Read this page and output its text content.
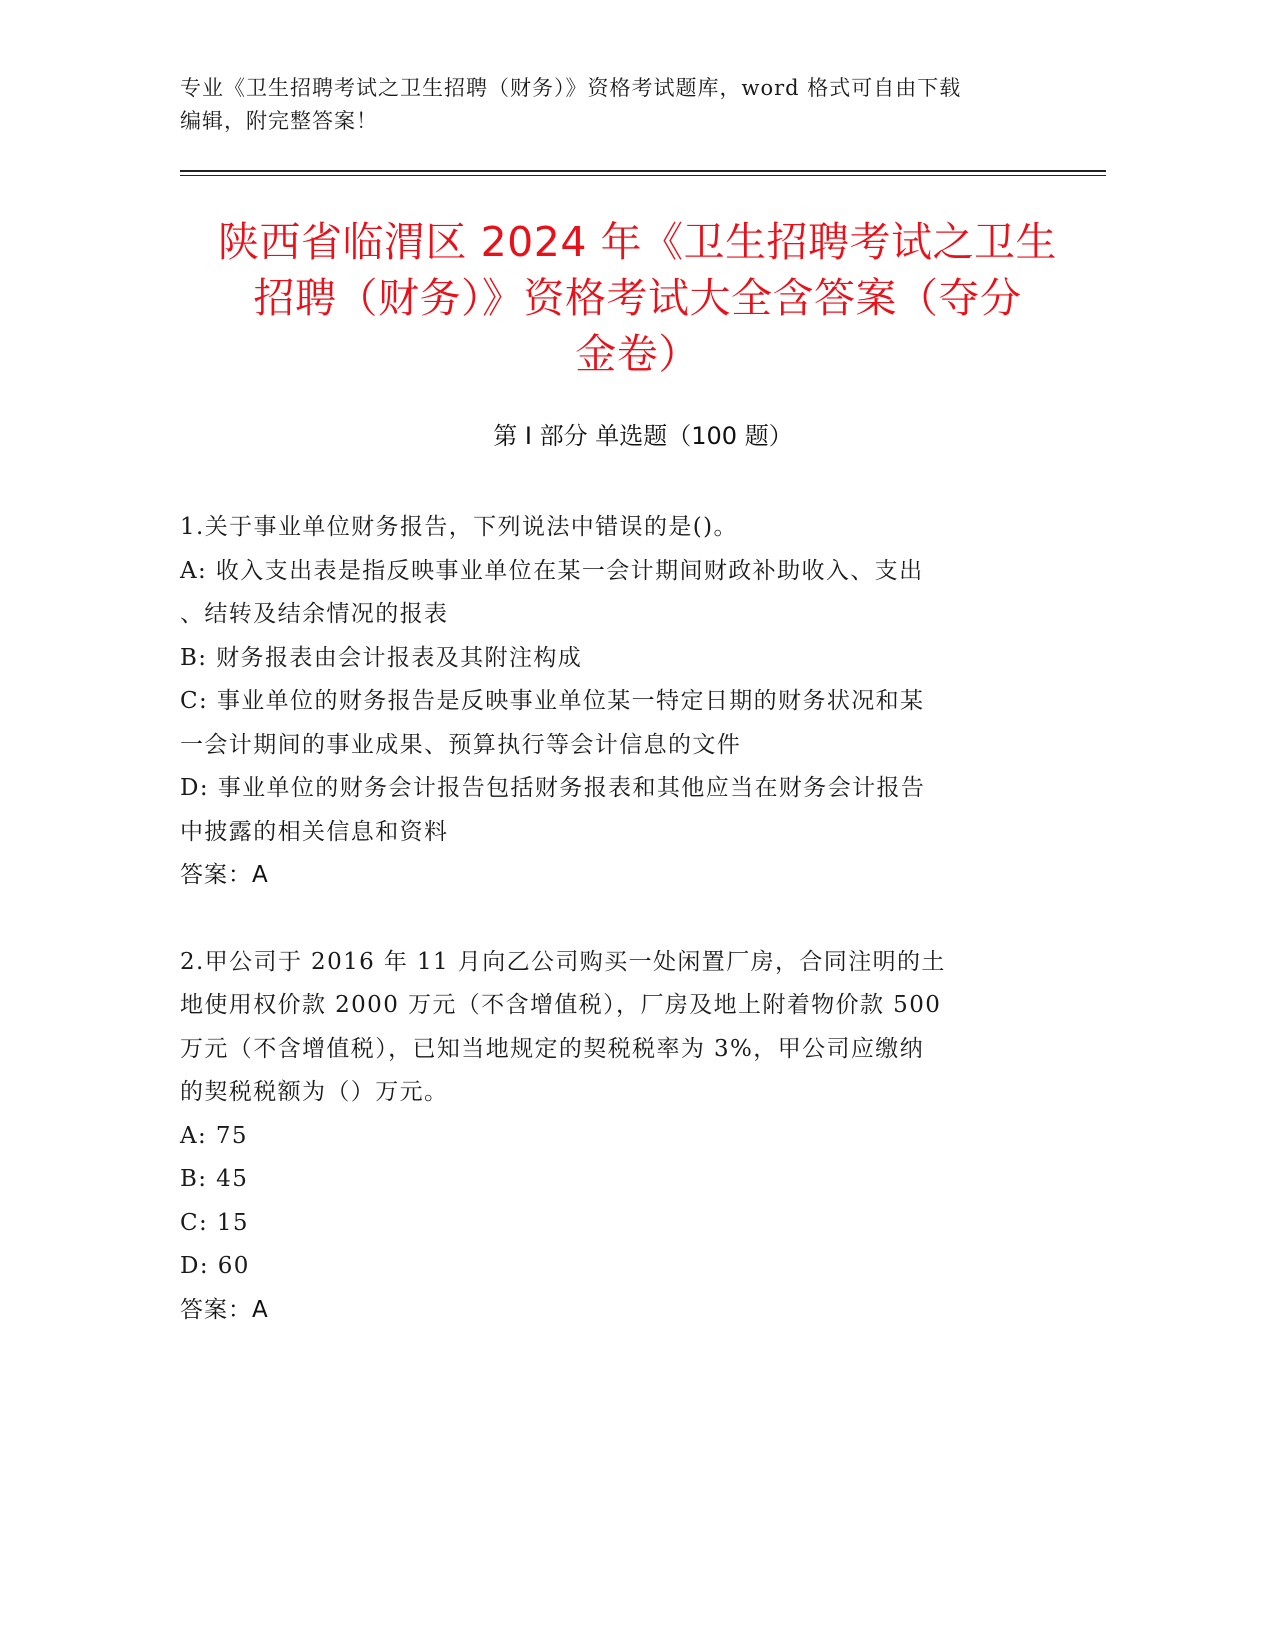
专业《卫生招聘考试之卫生招聘（财务）》资格考试题库，word 格式可自由下载
编辑，附完整答案！
陕西省临渭区 2024 年《卫生招聘考试之卫生
招聘（财务）》资格考试大全含答案（夺分
金卷）
第 I 部分 单选题（100 题）
1.关于事业单位财务报告，下列说法中错误的是()。
A: 收入支出表是指反映事业单位在某一会计期间财政补助收入、支出
、结转及结余情况的报表
B: 财务报表由会计报表及其附注构成
C: 事业单位的财务报告是反映事业单位某一特定日期的财务状况和某
一会计期间的事业成果、预算执行等会计信息的文件
D: 事业单位的财务会计报告包括财务报表和其他应当在财务会计报告
中披露的相关信息和资料
答案：A
2.甲公司于 2016 年 11 月向乙公司购买一处闲置厂房，合同注明的土
地使用权价款 2000 万元（不含增值税），厂房及地上附着物价款 500
万元（不含增值税），已知当地规定的契税税率为 3%，甲公司应缴纳
的契税税额为（）万元。
A: 75
B: 45
C: 15
D: 60
答案：A
